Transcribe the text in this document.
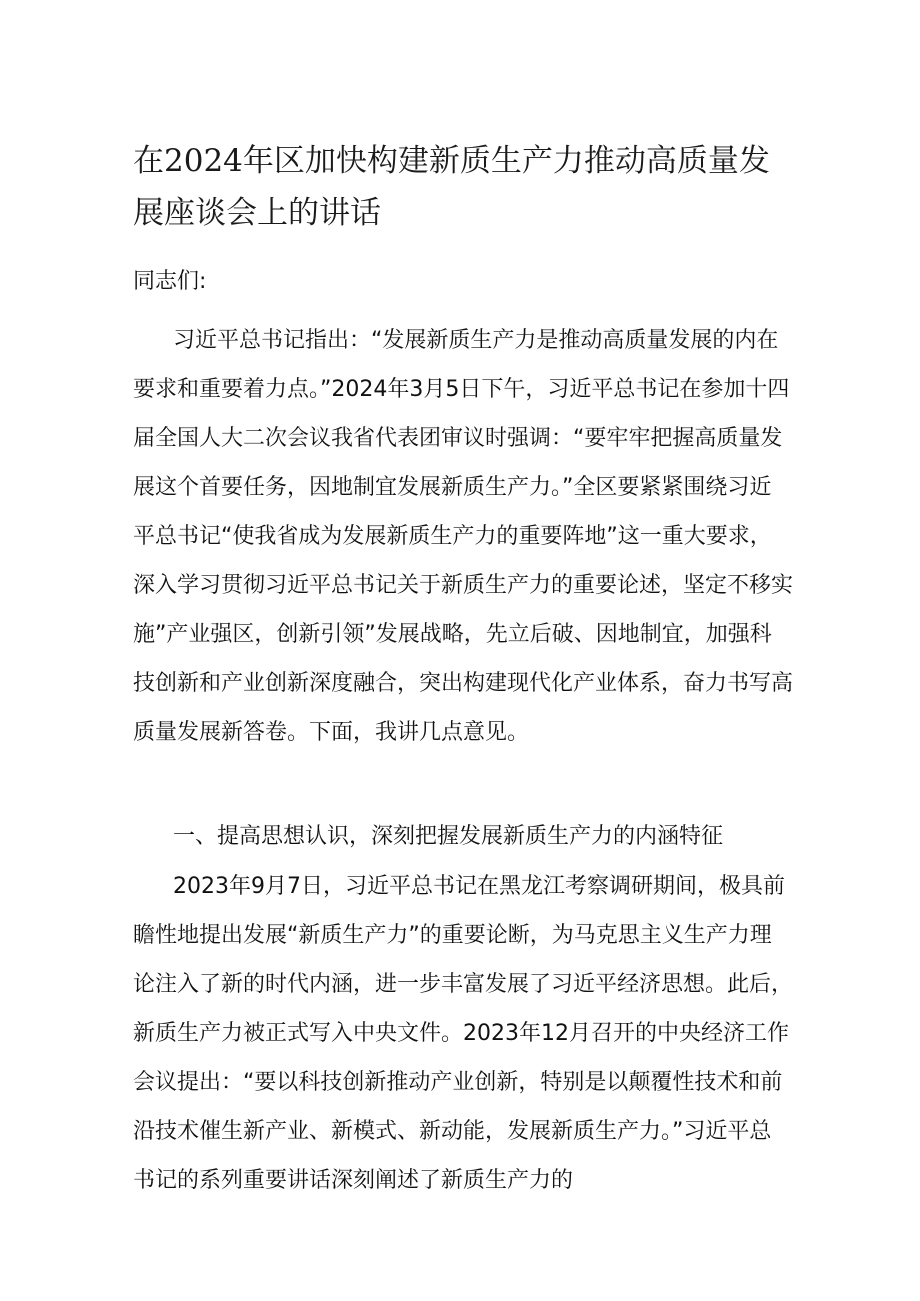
在2024年区加快构建新质生产力推动高质量发展座谈会上的讲话

同志们:

习近平总书记指出：“发展新质生产力是推动高质量发展的内在要求和重要着力点。”2024年3月5日下午，习近平总书记在参加十四届全国人大二次会议我省代表团审议时强调：“要牢牢把握高质量发展这个首要任务，因地制宜发展新质生产力。”全区要紧紧围绕习近平总书记“使我省成为发展新质生产力的重要阵地”这一重大要求，深入学习贯彻习近平总书记关于新质生产力的重要论述，坚定不移实施”产业强区，创新引领”发展战略，先立后破、因地制宜，加强科技创新和产业创新深度融合，突出构建现代化产业体系，奋力书写高质量发展新答卷。下面，我讲几点意见。

一、提高思想认识，深刻把握发展新质生产力的内涵特征

2023年9月7日，习近平总书记在黑龙江考察调研期间，极具前瞻性地提出发展“新质生产力”的重要论断，为马克思主义生产力理论注入了新的时代内涵，进一步丰富发展了习近平经济思想。此后，新质生产力被正式写入中央文件。2023年12月召开的中央经济工作会议提出：“要以科技创新推动产业创新，特别是以颠覆性技术和前沿技术催生新产业、新模式、新动能，发展新质生产力。”习近平总书记的系列重要讲话深刻阐述了新质生产力的
